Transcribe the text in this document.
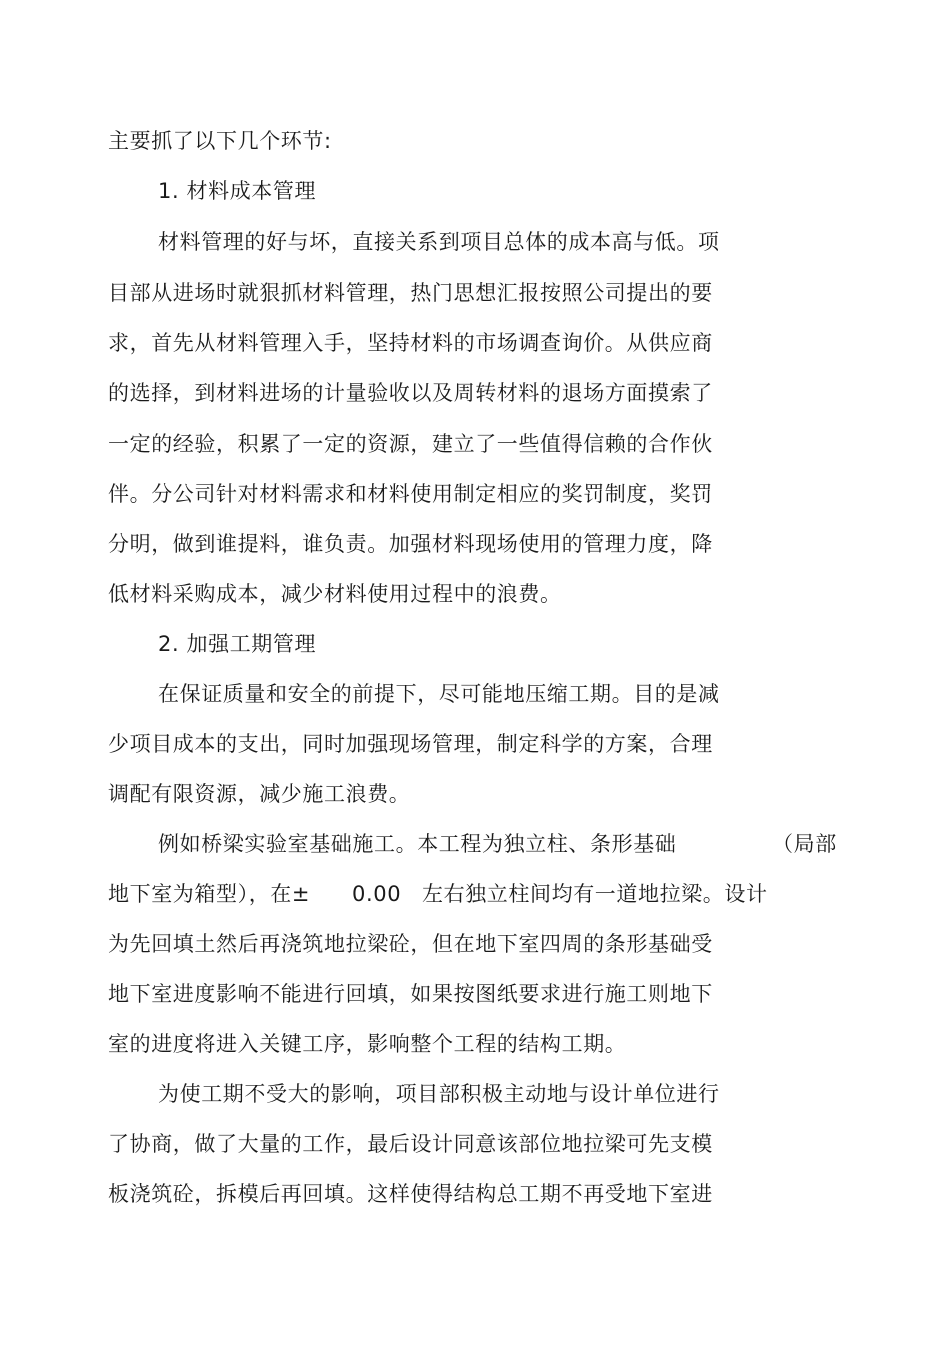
主要抓了以下几个环节:
1. 材料成本管理
材料管理的好与坏，直接关系到项目总体的成本高与低。项
目部从进场时就狠抓材料管理，热门思想汇报按照公司提出的要
求，首先从材料管理入手，坚持材料的市场调查询价。从供应商
的选择，到材料进场的计量验收以及周转材料的退场方面摸索了
一定的经验，积累了一定的资源，建立了一些值得信赖的合作伙
伴。分公司针对材料需求和材料使用制定相应的奖罚制度，奖罚
分明，做到谁提料，谁负责。加强材料现场使用的管理力度，降
低材料采购成本，减少材料使用过程中的浪费。
2. 加强工期管理
在保证质量和安全的前提下，尽可能地压缩工期。目的是减
少项目成本的支出，同时加强现场管理，制定科学的方案，合理
调配有限资源，减少施工浪费。
例如桥梁实验室基础施工。本工程为独立柱、条形基础	（局部
地下室为箱型），在± 0.00 左右独立柱间均有一道地拉梁。设计
为先回填土然后再浇筑地拉梁砼，但在地下室四周的条形基础受
地下室进度影响不能进行回填，如果按图纸要求进行施工则地下
室的进度将进入关键工序，影响整个工程的结构工期。
为使工期不受大的影响，项目部积极主动地与设计单位进行
了协商，做了大量的工作，最后设计同意该部位地拉梁可先支模
板浇筑砼，拆模后再回填。这样使得结构总工期不再受地下室进
